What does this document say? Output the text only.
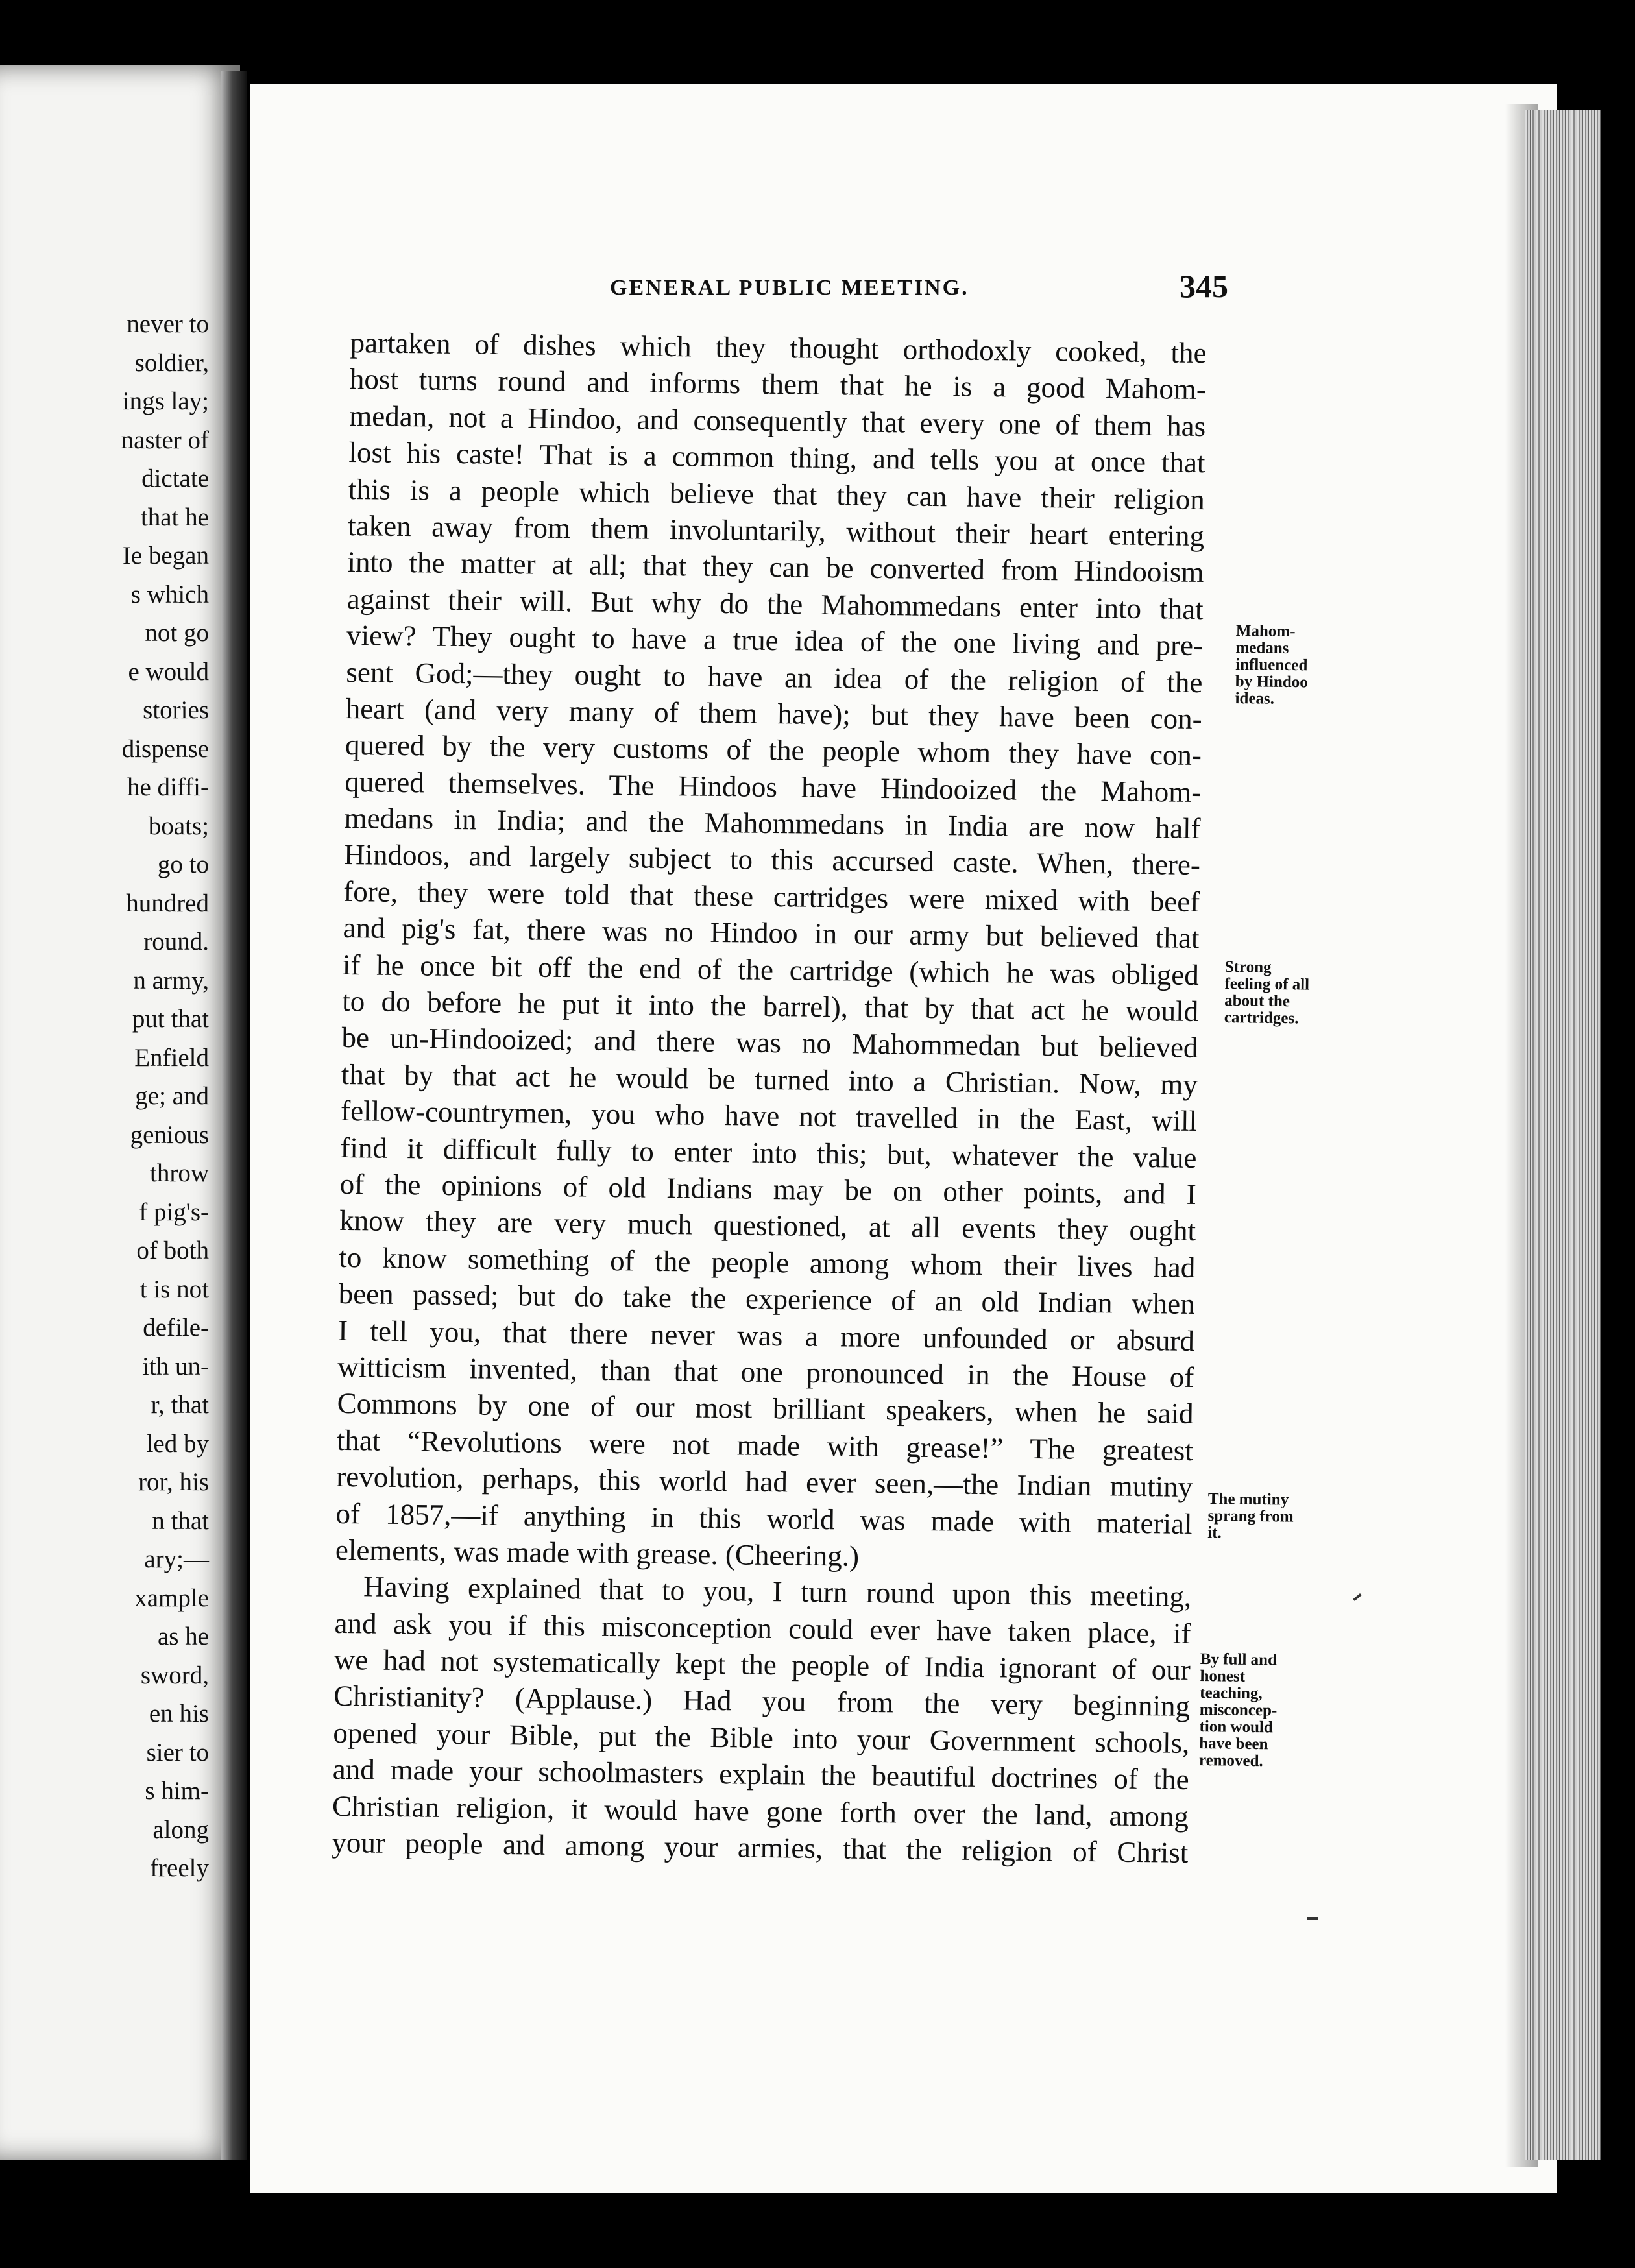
never to
soldier,
ings lay;
naster of
dictate
that he
Ie began
s which
not go
e would
stories
dispense
he diffi-
boats;
go to
hundred
round.
n army,
put that
Enfield
ge; and
genious
throw
f pig's-
of both
t is not
defile-
ith un-
r, that
led by
ror, his
n that
ary;—
xample
as he
sword,
en his
sier to
s him-
along
freely
GENERAL PUBLIC MEETING.	345
partaken of dishes which they thought orthodoxly cooked, the
host turns round and informs them that he is a good Mahom-
medan, not a Hindoo, and consequently that every one of them has
lost his caste! That is a common thing, and tells you at once that
this is a people which believe that they can have their religion
taken away from them involuntarily, without their heart entering
into the matter at all; that they can be converted from Hindooism
against their will. But why do the Mahommedans enter into that
view? They ought to have a true idea of the one living and pre-
sent God;—they ought to have an idea of the religion of the
heart (and very many of them have); but they have been con-
quered by the very customs of the people whom they have con-
quered themselves. The Hindoos have Hindooized the Mahom-
medans in India; and the Mahommedans in India are now half
Hindoos, and largely subject to this accursed caste. When, there-
fore, they were told that these cartridges were mixed with beef
and pig's fat, there was no Hindoo in our army but believed that
if he once bit off the end of the cartridge (which he was obliged
to do before he put it into the barrel), that by that act he would
be un-Hindooized; and there was no Mahommedan but believed
that by that act he would be turned into a Christian. Now, my
fellow-countrymen, you who have not travelled in the East, will
find it difficult fully to enter into this; but, whatever the value
of the opinions of old Indians may be on other points, and I
know they are very much questioned, at all events they ought
to know something of the people among whom their lives had
been passed; but do take the experience of an old Indian when
I tell you, that there never was a more unfounded or absurd
witticism invented, than that one pronounced in the House of
Commons by one of our most brilliant speakers, when he said
that “Revolutions were not made with grease!” The greatest
revolution, perhaps, this world had ever seen,—the Indian mutiny
of 1857,—if anything in this world was made with material
elements, was made with grease. (Cheering.)
Having explained that to you, I turn round upon this meeting,
and ask you if this misconception could ever have taken place, if
we had not systematically kept the people of India ignorant of our
Christianity? (Applause.) Had you from the very beginning
opened your Bible, put the Bible into your Government schools,
and made your schoolmasters explain the beautiful doctrines of the
Christian religion, it would have gone forth over the land, among
your people and among your armies, that the religion of Christ
Mahom-
medans
influenced
by Hindoo
ideas.
Strong
feeling of all
about the
cartridges.
The mutiny
sprang from
it.
By full and
honest
teaching,
misconcep-
tion would
have been
removed.
